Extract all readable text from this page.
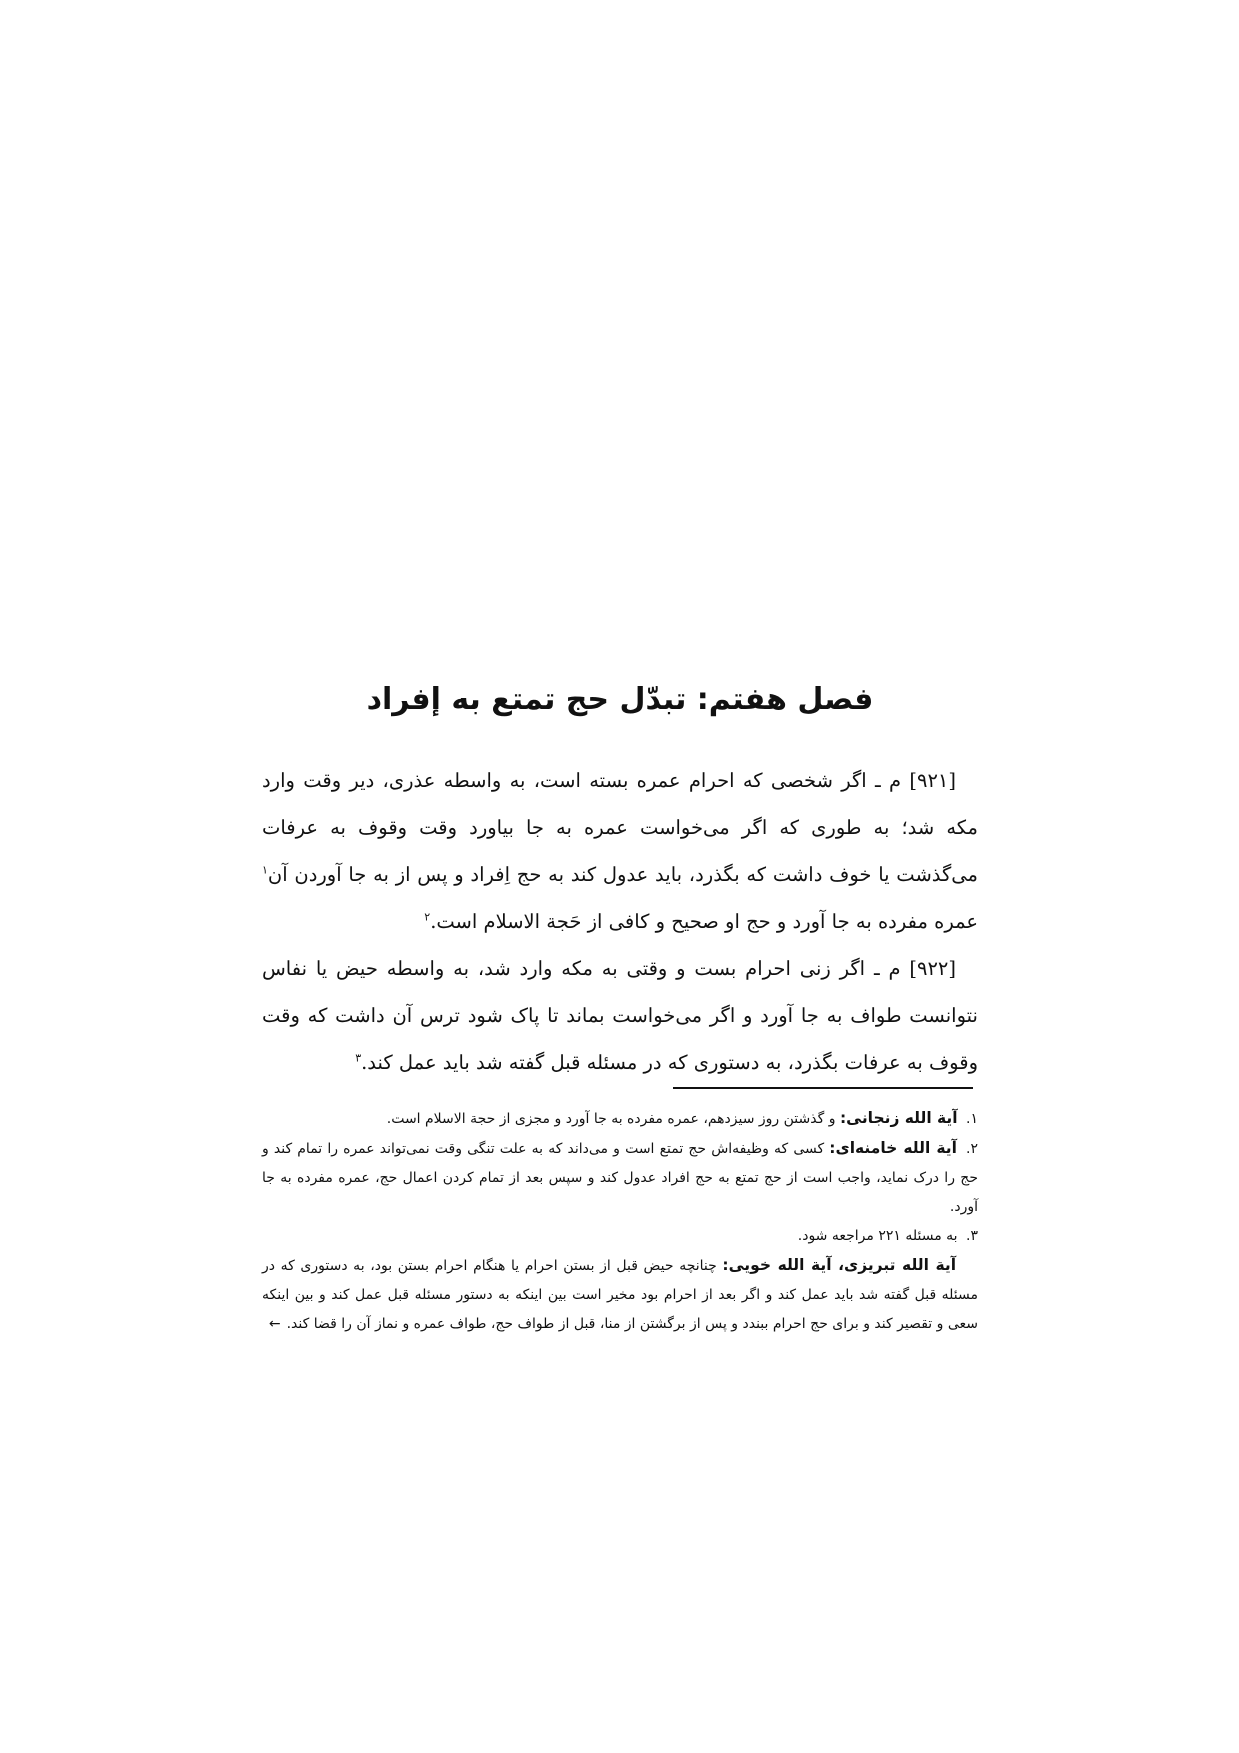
فصل هفتم: تبدّل حج تمتع به إفراد

[۹۲۱] م ـ اگر شخصی که احرام عمره بسته است، به واسطه عذری، دیر وقت وارد مکه شد؛ به طوری که اگر می‌خواست عمره به جا بیاورد وقت وقوف به عرفات می‌گذشت یا خوف داشت که بگذرد، باید عدول کند به حج اِفراد و پس از به جا آوردن آن$^۱$ عمره مفرده به جا آورد و حج او صحیح و کافی از حَجة الاسلام است.$^۲$

[۹۲۲] م ـ اگر زنی احرام بست و وقتی به مکه وارد شد، به واسطه حیض یا نفاس نتوانست طواف به جا آورد و اگر می‌خواست بماند تا پاک شود ترس آن داشت که وقت وقوف به عرفات بگذرد، به دستوری که در مسئله قبل گفته شد باید عمل کند.$^۳$

۱. آیة الله زنجانی: و گذشتن روز سیزدهم، عمره مفرده به جا آورد و مجزی از حجة الاسلام است.

۲. آیة الله خامنه‌ای: کسی که وظیفه‌اش حج تمتع است و می‌داند که به علت تنگی وقت نمی‌تواند عمره را تمام کند و حج را درک نماید، واجب است از حج تمتع به حج افراد عدول کند و سپس بعد از تمام کردن اعمال حج، عمره مفرده به جا آورد.

۳. به مسئله ۲۲۱ مراجعه شود.

آیة الله تبریزی، آیة الله خویی: چنانچه حیض قبل از بستن احرام یا هنگام احرام بستن بود، به دستوری که در مسئله قبل گفته شد باید عمل کند و اگر بعد از احرام بود مخیر است بین اینکه به دستور مسئله قبل عمل کند و بین اینکه سعی و تقصیر کند و برای حج احرام ببندد و پس از برگشتن از منا، قبل از طواف حج، طواف عمره و نماز آن را قضا کند.←
